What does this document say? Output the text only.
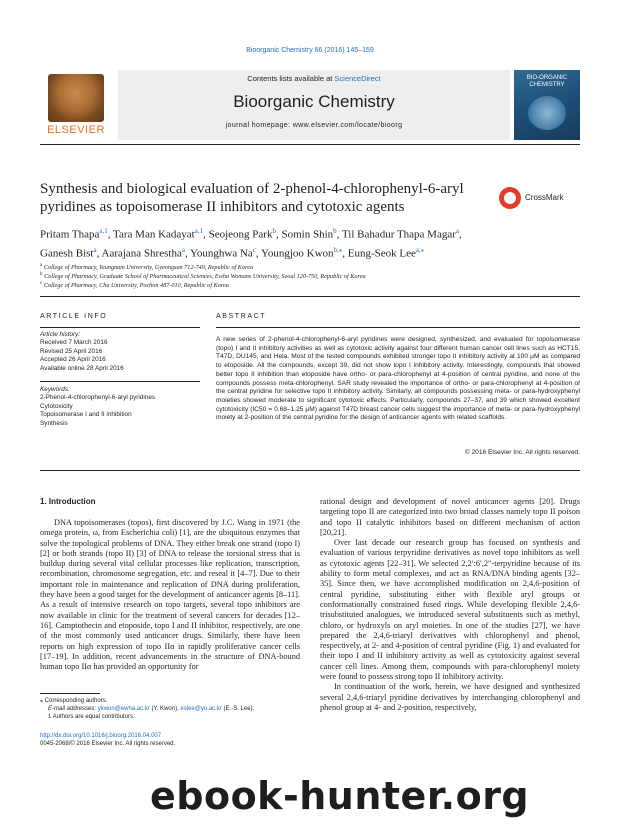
Bioorganic Chemistry 66 (2016) 145–159
ELSEVIER
Contents lists available at ScienceDirect
Bioorganic Chemistry
journal homepage: www.elsevier.com/locate/bioorg
BIO-ORGANIC CHEMISTRY
Synthesis and biological evaluation of 2-phenol-4-chlorophenyl-6-aryl
pyridines as topoisomerase II inhibitors and cytotoxic agents
CrossMark
Pritam Thapa$^{a,1}$, Tara Man Kadayat$^{a,1}$, Seojeong Park$^b$, Somin Shin$^b$, Til Bahadur Thapa Magar$^a$,
Ganesh Bist$^a$, Aarajana Shrestha$^a$, Younghwa Na$^c$, Youngjoo Kwon$^{b,⁎}$, Eung-Seok Lee$^{a,⁎}$
$^a$ College of Pharmacy, Yeungnam University, Gyeongsan 712-749, Republic of Korea
$^b$ College of Pharmacy, Graduate School of Pharmaceutical Sciences, Ewha Womans University, Seoul 120-750, Republic of Korea
$^c$ College of Pharmacy, Cha University, Pochon 487-010, Republic of Korea
ARTICLE INFO
Article history:
Received 7 March 2016
Revised 25 April 2016
Accepted 26 April 2016
Available online 28 April 2016
Keywords:
2-Phenol-4-chlorophenyl-6-aryl pyridines
Cytotoxicity
Topoisomerase I and II inhibition
Synthesis
ABSTRACT
A new series of 2-phenol-4-chlorophenyl-6-aryl pyridines were designed, synthesized, and evaluated for topoisomerase (topo) I and II inhibitory activities as well as cytotoxic activity against four different human cancer cell lines such as HCT15, T47D, DU145, and Hela. Most of the tested compounds exhibited stronger topo II inhibitory activity at 100 μM as compared to etoposide. All the compounds, except 39, did not show topo I inhibitory activity. Interestingly, compounds that showed better topo II inhibition than etoposide have ortho- or para-chlorophenyl at 4-position of central pyridine, and none of the compounds possess meta-chlorophenyl. SAR study revealed the importance of ortho- or para-chlorophenyl at 4-position of the central pyridine for selective topo II inhibitory activity. Similarly, all compounds possessing meta- or para-hydroxyphenyl moieties showed moderate to significant cytotoxic effects. Particularly, compounds 27–37, and 39 which showed excellent cytotoxicity (IC50 = 0.68–1.25 μM) against T47D breast cancer cells suggest the importance of meta- or para-hydroxyphenyl moiety at 2-position of the central pyridine for the design of anticancer agents with related scaffolds.
© 2016 Elsevier Inc. All rights reserved.
1. Introduction
DNA topoisomerases (topos), first discovered by J.C. Wang in 1971 (the omega protein, ω, from Escherichia coli) [1], are the ubiquitous enzymes that solve the topological problems of DNA. They either break one strand (topo I) [2] or both strands (topo II) [3] of DNA to release the torsional stress that is buildup during several vital cellular processes like replication, transcription, recombination, chromosome segregation, etc. and reseal it [4–7]. Due to their important role in maintenance and replication of DNA during proliferation, they have been a good target for the development of anticancer agents [8–11]. As a result of intensive research on topo targets, several topo inhibitors are now available in clinic for the treatment of several cancers for decades [12–16]. Camptothecin and etoposide, topo I and II inhibitor, respectively, are one of the most commonly used anticancer drugs. Similarly, there have been reports on high expression of topo IIα in rapidly proliferative cancer cells [17–19]. In addition, recent advancements in the structure of DNA-bound human topo IIα has provided an opportunity for
rational design and development of novel anticancer agents [20]. Drugs targeting topo II are categorized into two broad classes namely topo II poison and topo II catalytic inhibitors based on different mechanism of action [20,21].
Over last decade our research group has focused on synthesis and evaluation of various terpyridine derivatives as novel topo inhibitors as well as cytotoxic agents [22–31]. We selected 2,2′:6′,2″-terpyridine because of its ability to form metal complexes, and act as RNA/DNA binding agents [32–35]. Since then, we have accomplished modification on 2,4,6-position of central pyridine, substituting either with flexible aryl groups or conformationally constrained fused rings. While developing flexible 2,4,6-trisubstituted analogues, we introduced several substituents such as methyl, chloro, or hydroxyls on aryl moieties. In one of the studies [27], we have prepared the 2,4,6-triaryl derivatives with chlorophenyl and phenol, respectively, at 2- and 4-position of central pyridine (Fig. 1) and evaluated for their topo I and II inhibitory activity as well as cytotoxicity against several cancer cell lines. Among them, compounds with para-chlorophenyl moiety were found to possess strong topo II inhibitory activity.
In continuation of the work, herein, we have designed and synthesized several 2,4,6-triaryl pyridine derivatives by interchanging chlorophenyl and phenol group at 4- and 2-position, respectively,
⁎ Corresponding authors.
E-mail addresses: ykwon@ewha.ac.kr (Y. Kwon), eslee@yu.ac.kr (E.-S. Lee).
1 Authors are equal contributors.
http://dx.doi.org/10.1016/j.bioorg.2016.04.007
0045-2068/© 2016 Elsevier Inc. All rights reserved.
ebook-hunter.org
